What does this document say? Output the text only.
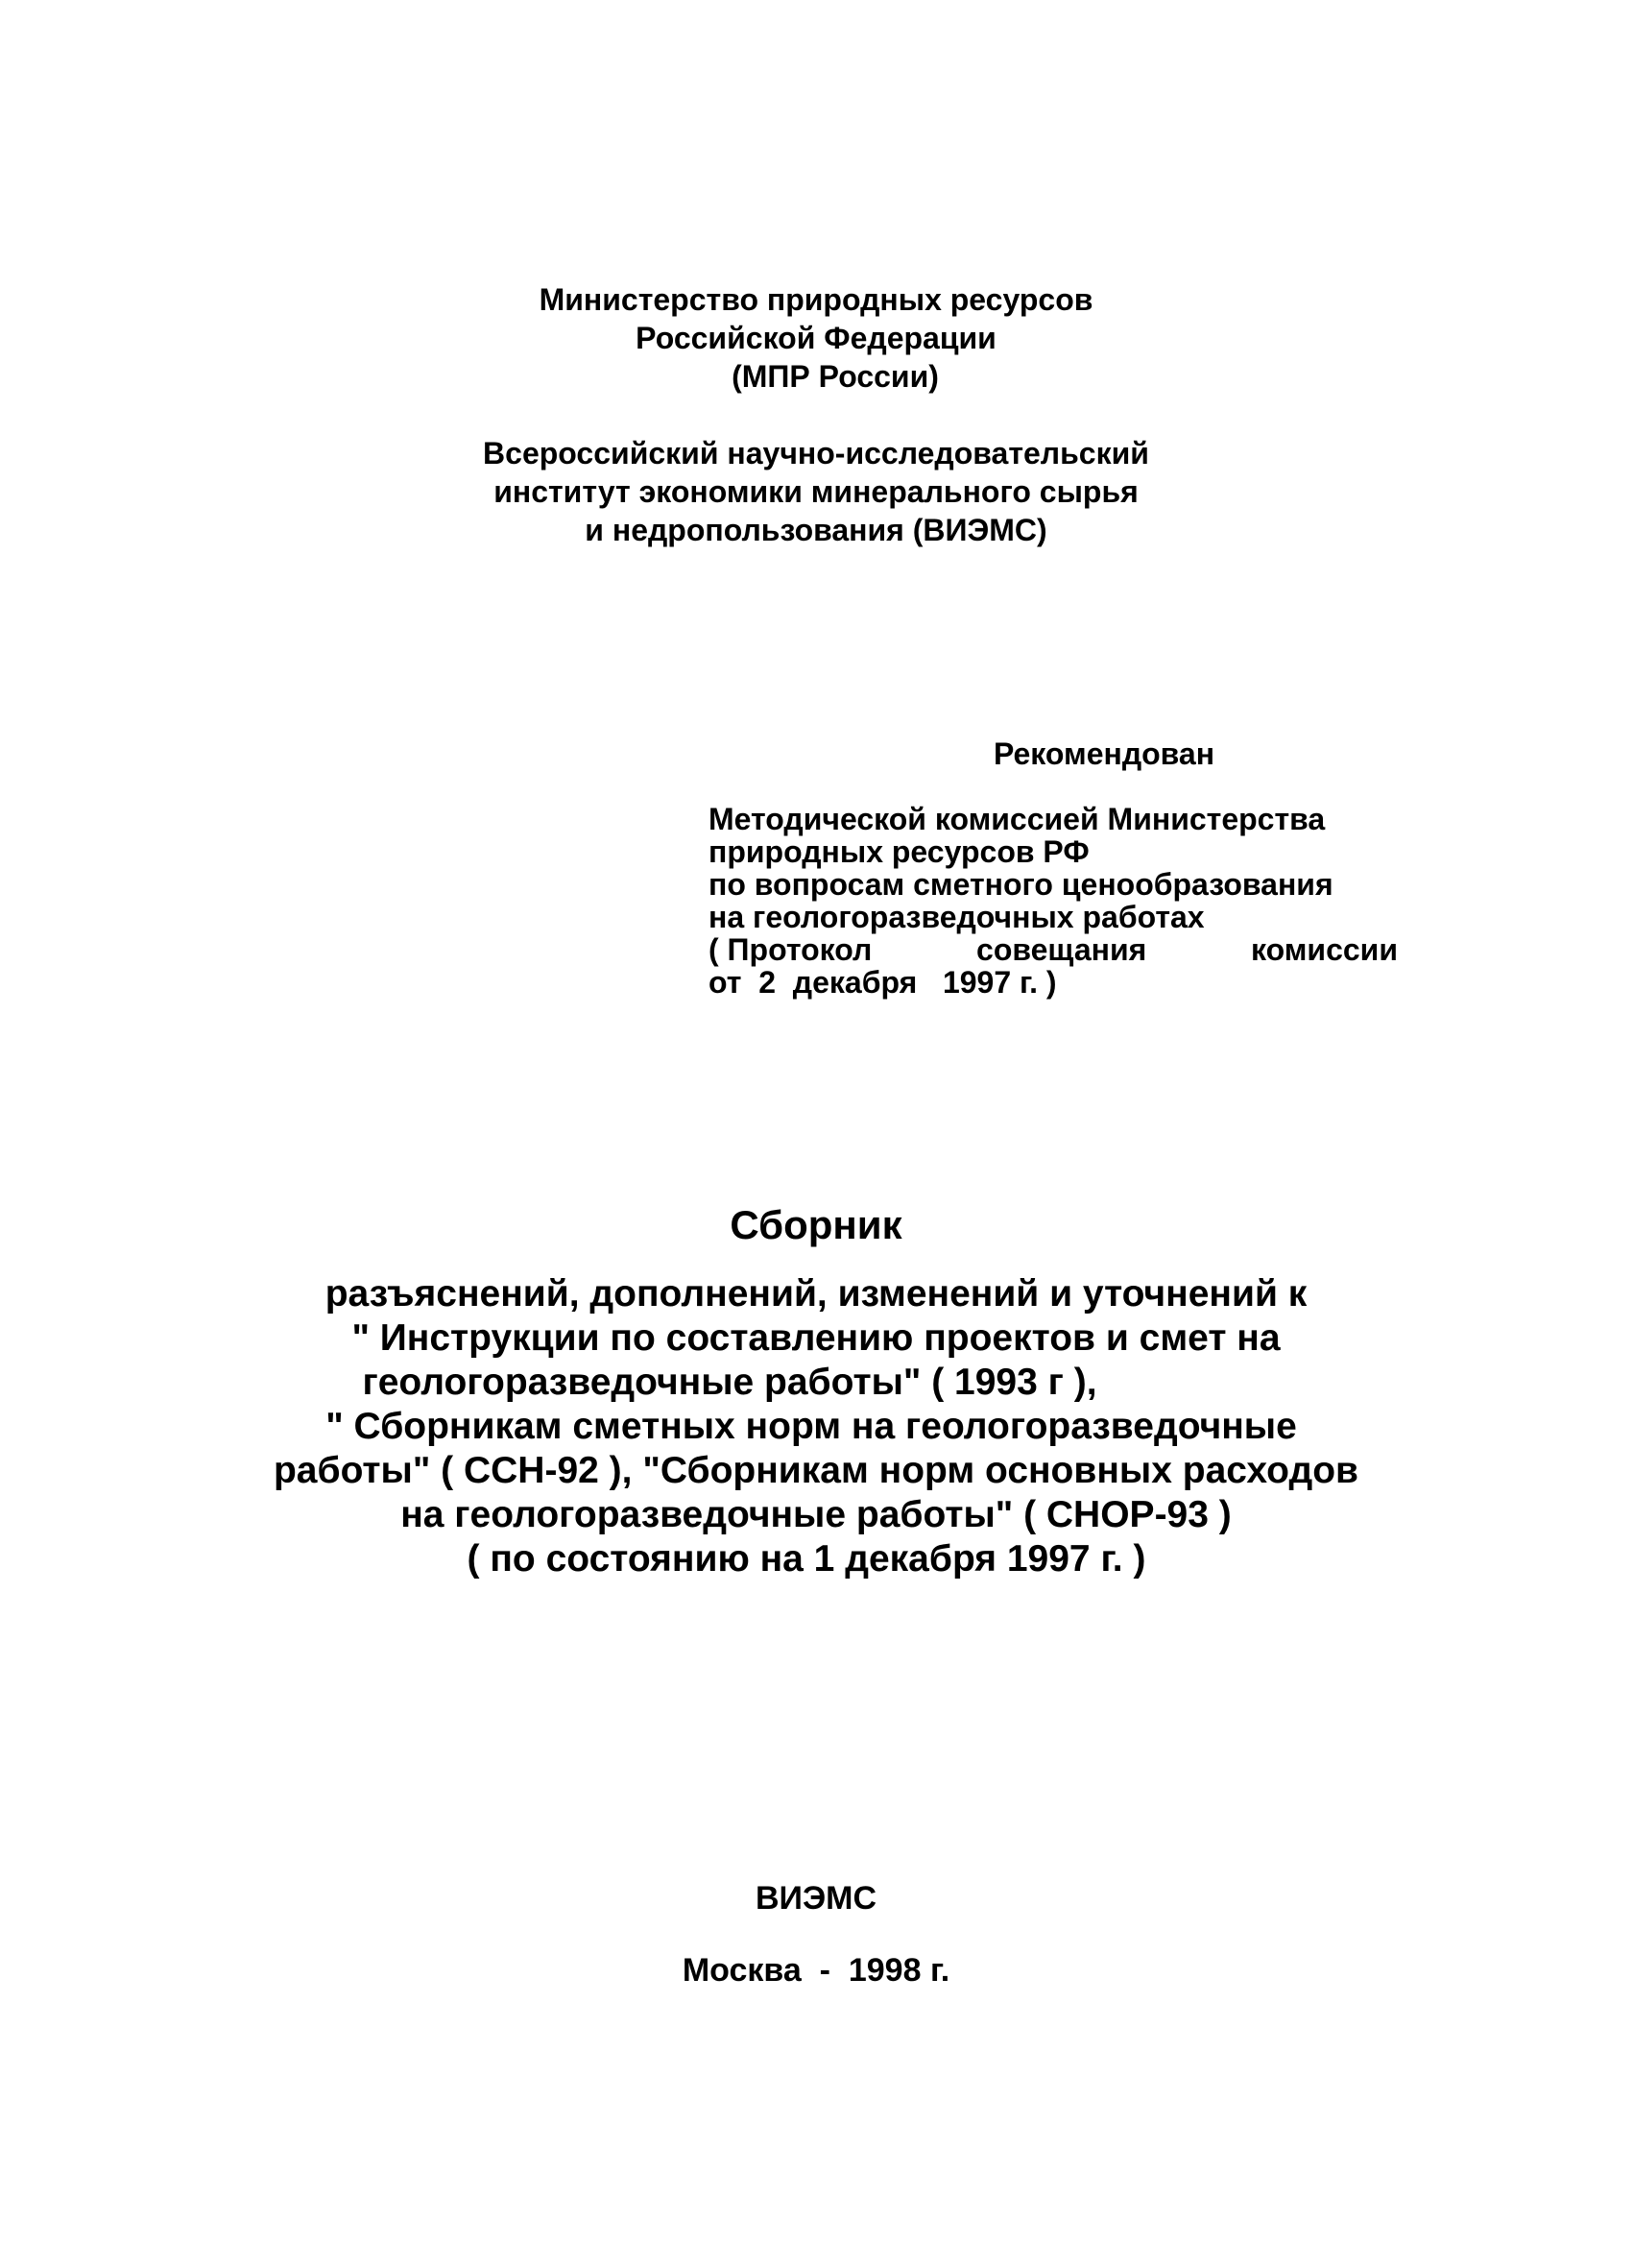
Министерство природных ресурсов
Российской Федерации
(МПР России)
Всероссийский научно-исследовательский
институт экономики минерального сырья
и недропользования (ВИЭМС)
Рекомендован
Методической комиссией Министерства
природных ресурсов РФ
по вопросам сметного ценообразования
на геологоразведочных работах
( Протокол	совещания	комиссии
от  2  декабря   1997 г. )
Сборник
разъяснений, дополнений, изменений и уточнений к
" Инструкции по составлению проектов и смет на
геологоразведочные работы" ( 1993 г ),
" Сборникам сметных норм на геологоразведочные
работы" ( ССН-92 ), "Сборникам норм основных расходов
на геологоразведочные работы" ( СНОР-93 )
( по состоянию на 1 декабря 1997 г. )
ВИЭМС
Москва  -  1998 г.
